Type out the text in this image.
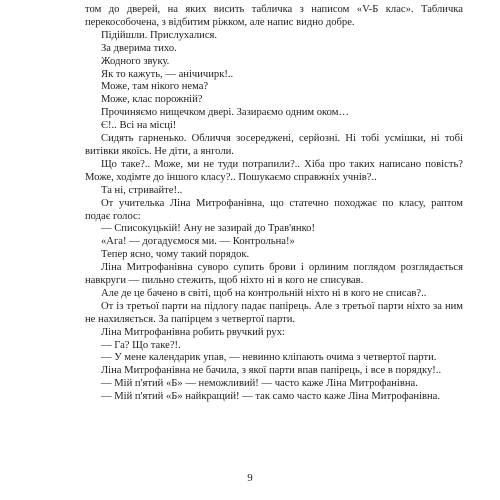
том до дверей, на яких висить табличка з написом «V-Б клас». Табличка перекособочена, з відбитим ріжком, але напис видно добре.

Підійшли. Прислухалися.

За дверима тихо.

Жодного звуку.

Як то кажуть, — анічичирк!..

Може, там нікого нема?

Може, клас порожній?

Прочиняємо нищечком двері. Зазираємо одним оком…

Є!.. Всі на місці!

Сидять гарненько. Обличчя зосереджені, серйозні. Ні тобі усмішки, ні тобі витівки якоїсь. Не діти, а янголи.

Що таке?.. Може, ми не туди потрапили?.. Хіба про таких написано повість? Може, ходімте до іншого класу?.. Пошукаємо справжніх учнів?..

Та ні, стривайте!..

От учителька Ліна Митрофанівна, що статечно походжає по класу, раптом подає голос:

— Списокуцькій! Ану не зазирай до Трав'янко!

«Ага! — догадуємося ми. — Контрольна!»

Тепер ясно, чому такий порядок.

Ліна Митрофанівна суворо супить брови і орлиним поглядом розглядається навкруги — пильно стежить, щоб ніхто ні в кого не списував.

Але де це бачено в світі, щоб на контрольній ніхто ні в кого не списав?..

От із третьої парти на підлогу падає папірець. Але з третьої парти ніхто за ним не нахиляється. За папірцем з четвертої парти.

Ліна Митрофанівна робить рвучкий рух:

— Га? Що таке?!.

— У мене календарик упав, — невинно кліпають очима з четвертої парти.

Ліна Митрофанівна не бачила, з якої парти впав папірець, і все в порядку!..

— Мій п'ятий «Б» — неможливий! — часто каже Ліна Митрофанівна.

— Мій п'ятий «Б» найкращий! — так само часто каже Ліна Митрофанівна.

9
